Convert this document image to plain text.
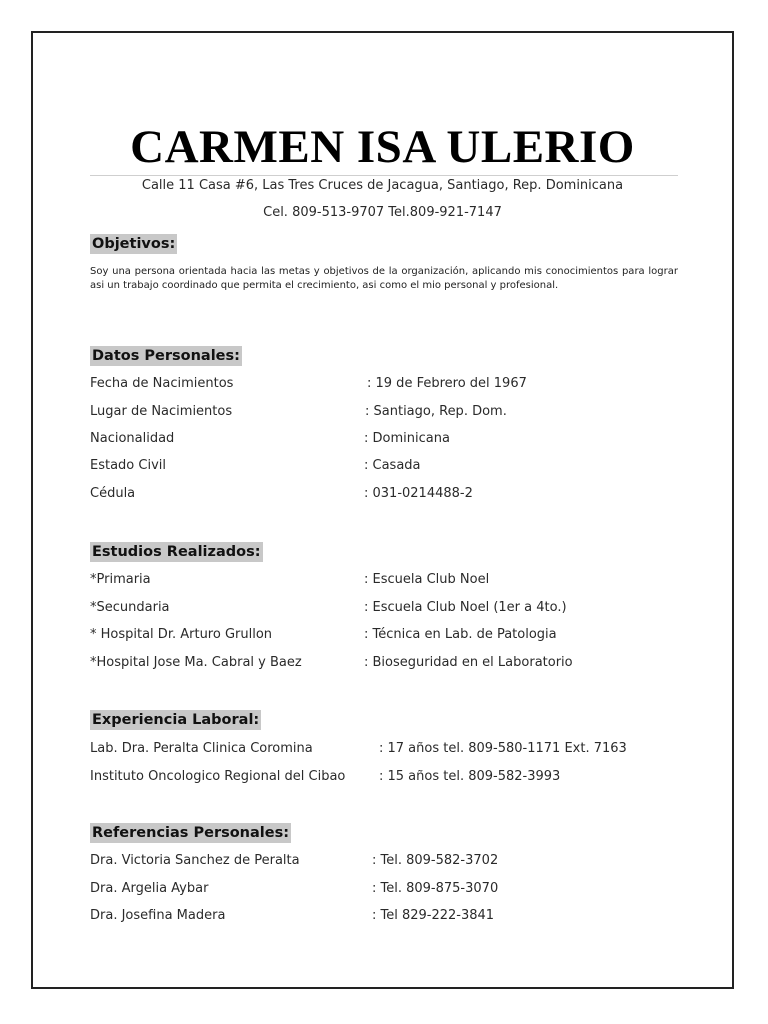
CARMEN ISA ULERIO
Calle 11 Casa #6, Las Tres Cruces de Jacagua, Santiago, Rep. Dominicana
Cel. 809-513-9707 Tel.809-921-7147
Objetivos:
Soy una persona orientada hacia las metas y objetivos de la organización, aplicando mis conocimientos para lograr asi un trabajo coordinado que permita el crecimiento, asi como el mio personal y profesional.
Datos Personales:
Fecha de Nacimientos	: 19 de Febrero del 1967
Lugar de Nacimientos	: Santiago, Rep. Dom.
Nacionalidad	: Dominicana
Estado Civil	: Casada
Cédula	: 031-0214488-2
Estudios Realizados:
*Primaria	: Escuela Club Noel
*Secundaria	: Escuela Club Noel (1er a 4to.)
* Hospital Dr. Arturo Grullon	: Técnica en Lab. de Patologia
*Hospital Jose Ma. Cabral y Baez	: Bioseguridad en el Laboratorio
Experiencia Laboral:
Lab. Dra. Peralta Clinica Coromina	: 17 años tel. 809-580-1171 Ext. 7163
Instituto Oncologico Regional del Cibao	: 15 años tel. 809-582-3993
Referencias Personales:
Dra. Victoria Sanchez de Peralta	: Tel. 809-582-3702
Dra. Argelia Aybar	: Tel. 809-875-3070
Dra. Josefina Madera	: Tel 829-222-3841
